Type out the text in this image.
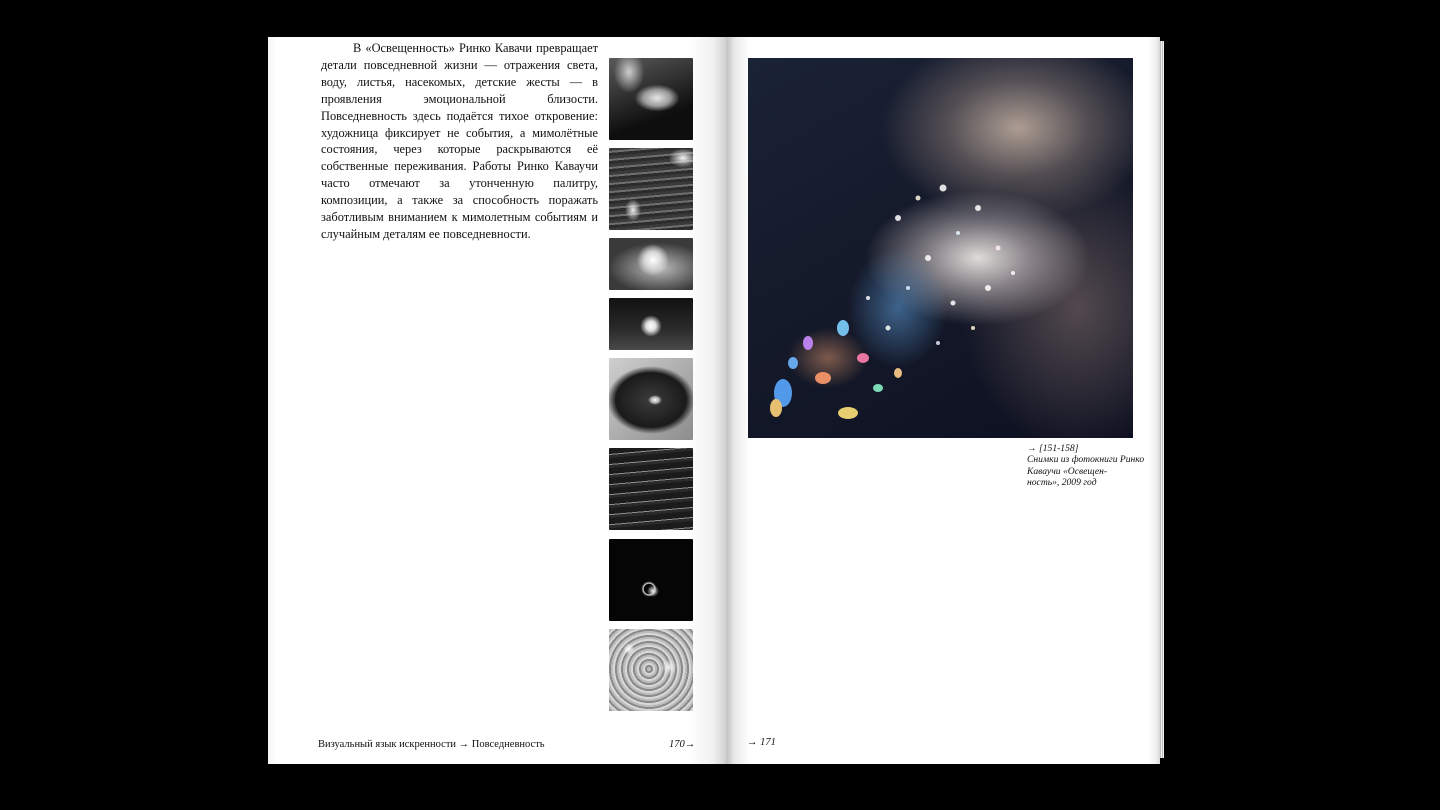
В «Освещенность» Ринко Кавачи превращает детали повседневной жизни — отражения света, воду, листья, насекомых, детские жесты — в проявления эмоциональной близости. Повседневность здесь подаётся тихое откровение: художница фиксирует не события, а мимолётные состояния, через которые раскрываются её собственные переживания. Работы Ринко Каваучи часто отмечают за утонченную палитру, композиции, а также за способность поражать заботливым вниманием к мимолетным событиям и случайным деталям ее повседневности.

Визуальный язык искренности → Повседневность	170→
→ [151-158]
Снимки из фотокниги Ринко
Каваучи «Освещен-
ность», 2009 год
→ 171
